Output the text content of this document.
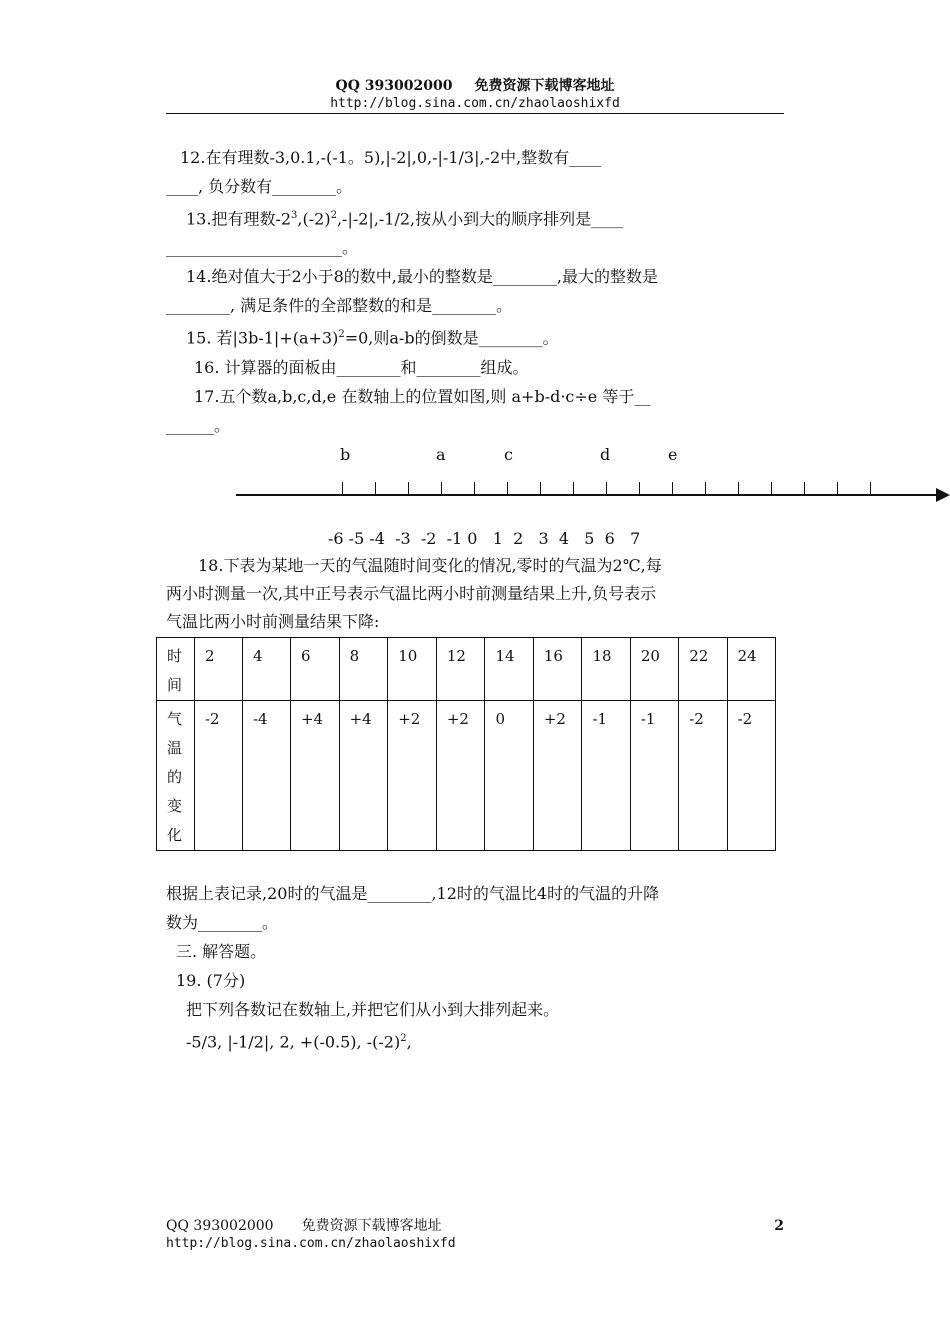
QQ 393002000 免费资源下载博客地址
http://blog.sina.com.cn/zhaolaoshixfd

12.在有理数-3,0.1,-(-1。5),|-2|,0,-|-1/3|,-2中,整数有____

____, 负分数有________。

13.把有理数$-2^3,(-2)^2,-|-2|,-1/2$,按从小到大的顺序排列是____

______________________。

14.绝对值大于2小于8的数中,最小的整数是________,最大的整数是

________, 满足条件的全部整数的和是________。

15. 若$|3b-1|+(a+3)^2=0$,则a-b的倒数是________。

16. 计算器的面板由________和________组成。

17.五个数a,b,c,d,e 在数轴上的位置如图,则 a+b-d·c÷e 等于__

______。

b	a	c	d	e
-6 -5 -4  -3  -2  -1 0   1  2   3  4   5  6   7

18.下表为某地一天的气温随时间变化的情况,零时的气温为2℃,每

两小时测量一次,其中正号表示气温比两小时前测量结果上升,负号表示

气温比两小时前测量结果下降:

时间	2	4	6	8	10	12	14	16	18	20	22	24
气温的变化	-2	-4	+4	+4	+2	+2	0	+2	-1	-1	-2	-2

根据上表记录,20时的气温是________,12时的气温比4时的气温的升降

数为________。

三. 解答题。

19. (7分)

把下列各数记在数轴上,并把它们从小到大排列起来。

-5/3, |-1/2|, 2, +(-0.5), $-(-2)^2$,

QQ 393002000 免费资源下载博客地址
http://blog.sina.com.cn/zhaolaoshixfd
2
